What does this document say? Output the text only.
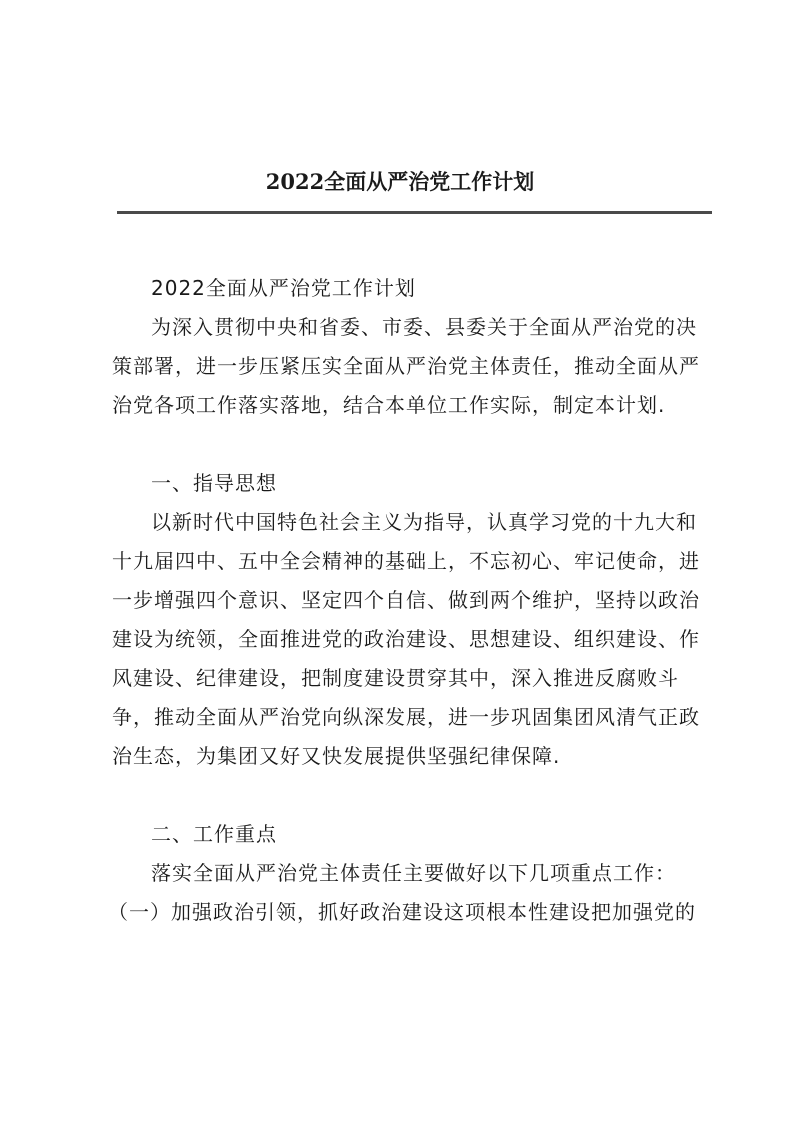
2022全面从严治党工作计划
2022全面从严治党工作计划
为深入贯彻中央和省委、市委、县委关于全面从严治党的决
策部署，进一步压紧压实全面从严治党主体责任，推动全面从严
治党各项工作落实落地，结合本单位工作实际，制定本计划.
一、指导思想
以新时代中国特色社会主义为指导，认真学习党的十九大和
十九届四中、五中全会精神的基础上，不忘初心、牢记使命，进
一步增强四个意识、坚定四个自信、做到两个维护，坚持以政治
建设为统领，全面推进党的政治建设、思想建设、组织建设、作
风建设、纪律建设，把制度建设贯穿其中，深入推进反腐败斗
争，推动全面从严治党向纵深发展，进一步巩固集团风清气正政
治生态，为集团又好又快发展提供坚强纪律保障.
二、工作重点
落实全面从严治党主体责任主要做好以下几项重点工作：
（一）加强政治引领，抓好政治建设这项根本性建设把加强党的
